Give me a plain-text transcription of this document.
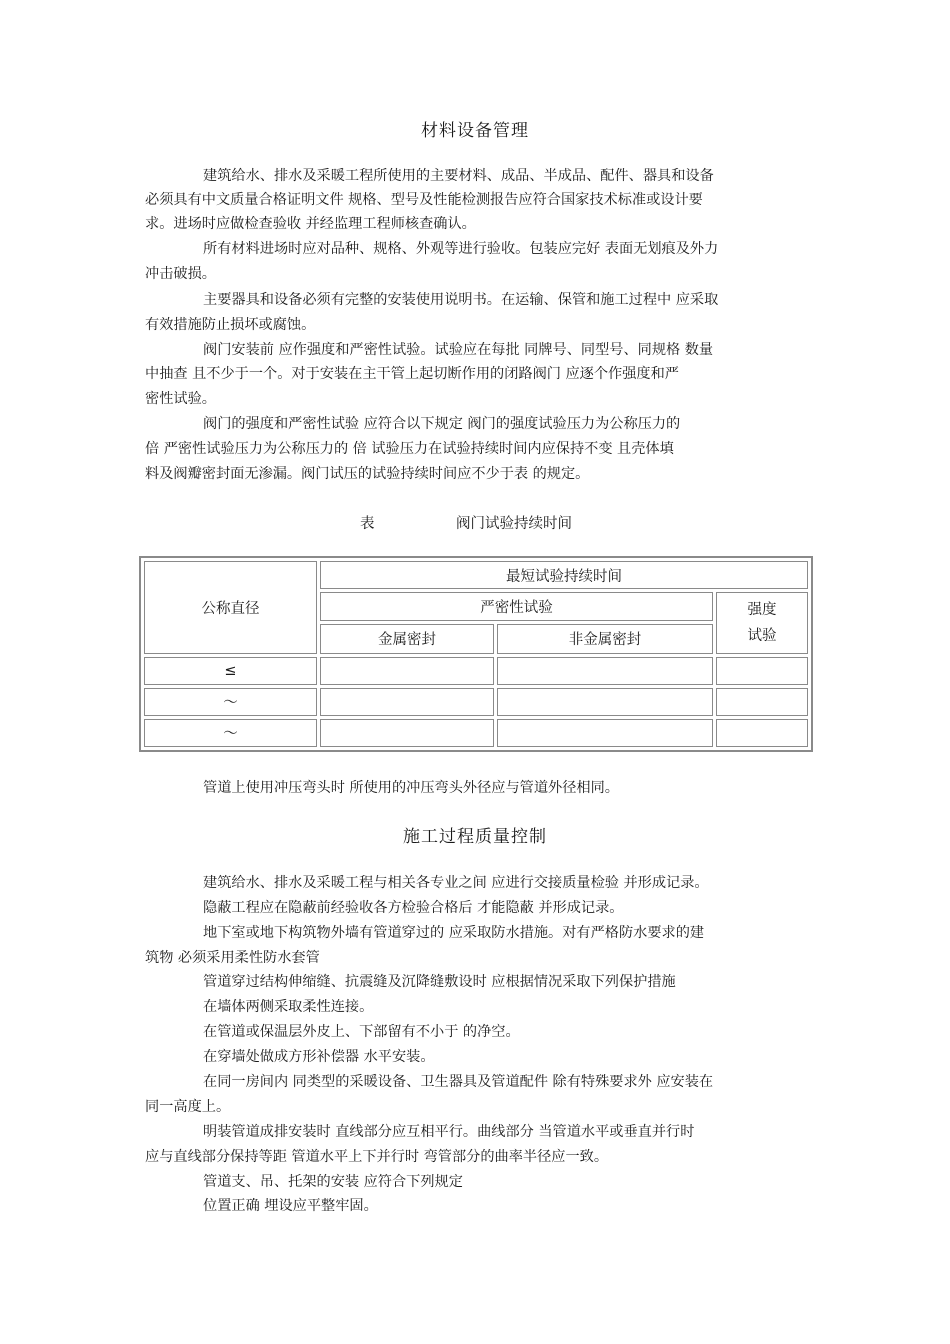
材料设备管理
建筑给水、排水及采暖工程所使用的主要材料、成品、半成品、配件、器具和设备
必须具有中文质量合格证明文件 规格、型号及性能检测报告应符合国家技术标准或设计要
求。进场时应做检查验收 并经监理工程师核查确认。
所有材料进场时应对品种、规格、外观等进行验收。包装应完好 表面无划痕及外力
冲击破损。
主要器具和设备必须有完整的安装使用说明书。在运输、保管和施工过程中 应采取
有效措施防止损坏或腐蚀。
阀门安装前 应作强度和严密性试验。试验应在每批 同牌号、同型号、同规格 数量
中抽查 且不少于一个。对于安装在主干管上起切断作用的闭路阀门 应逐个作强度和严
密性试验。
阀门的强度和严密性试验 应符合以下规定 阀门的强度试验压力为公称压力的
倍 严密性试验压力为公称压力的 倍 试验压力在试验持续时间内应保持不变 且壳体填
料及阀瓣密封面无渗漏。阀门试压的试验持续时间应不少于表 的规定。
表	阀门试验持续时间
公称直径	最短试验持续时间		
	严密性试验		强度
试验

	金属密封	非金属密封	
≤			
～			
～			
管道上使用冲压弯头时 所使用的冲压弯头外径应与管道外径相同。
施工过程质量控制
建筑给水、排水及采暖工程与相关各专业之间 应进行交接质量检验 并形成记录。
隐蔽工程应在隐蔽前经验收各方检验合格后 才能隐蔽 并形成记录。
地下室或地下构筑物外墙有管道穿过的 应采取防水措施。对有严格防水要求的建
筑物 必须采用柔性防水套管
管道穿过结构伸缩缝、抗震缝及沉降缝敷设时 应根据情况采取下列保护措施
在墙体两侧采取柔性连接。
在管道或保温层外皮上、下部留有不小于 的净空。
在穿墙处做成方形补偿器 水平安装。
在同一房间内 同类型的采暖设备、卫生器具及管道配件 除有特殊要求外 应安装在
同一高度上。
明装管道成排安装时 直线部分应互相平行。曲线部分 当管道水平或垂直并行时
应与直线部分保持等距 管道水平上下并行时 弯管部分的曲率半径应一致。
管道支、吊、托架的安装 应符合下列规定
位置正确 埋设应平整牢固。
